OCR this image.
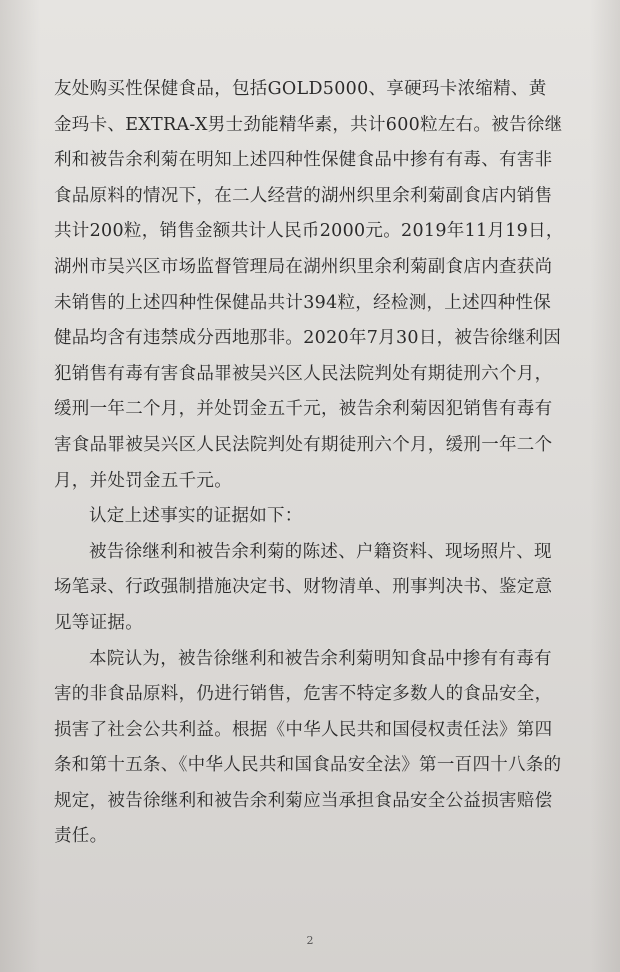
友处购买性保健食品，包括GOLD5000、享硬玛卡浓缩精、黄金玛卡、EXTRA-X男士劲能精华素，共计600粒左右。被告徐继利和被告余利菊在明知上述四种性保健食品中掺有有毒、有害非食品原料的情况下，在二人经营的湖州织里余利菊副食店内销售共计200粒，销售金额共计人民币2000元。2019年11月19日，湖州市吴兴区市场监督管理局在湖州织里余利菊副食店内查获尚未销售的上述四种性保健品共计394粒，经检测，上述四种性保健品均含有违禁成分西地那非。2020年7月30日，被告徐继利因犯销售有毒有害食品罪被吴兴区人民法院判处有期徒刑六个月，缓刑一年二个月，并处罚金五千元，被告余利菊因犯销售有毒有害食品罪被吴兴区人民法院判处有期徒刑六个月，缓刑一年二个月，并处罚金五千元。

认定上述事实的证据如下：

被告徐继利和被告余利菊的陈述、户籍资料、现场照片、现场笔录、行政强制措施决定书、财物清单、刑事判决书、鉴定意见等证据。

本院认为，被告徐继利和被告余利菊明知食品中掺有有毒有害的非食品原料，仍进行销售，危害不特定多数人的食品安全，损害了社会公共利益。根据《中华人民共和国侵权责任法》第四条和第十五条、《中华人民共和国食品安全法》第一百四十八条的规定，被告徐继利和被告余利菊应当承担食品安全公益损害赔偿责任。

2
